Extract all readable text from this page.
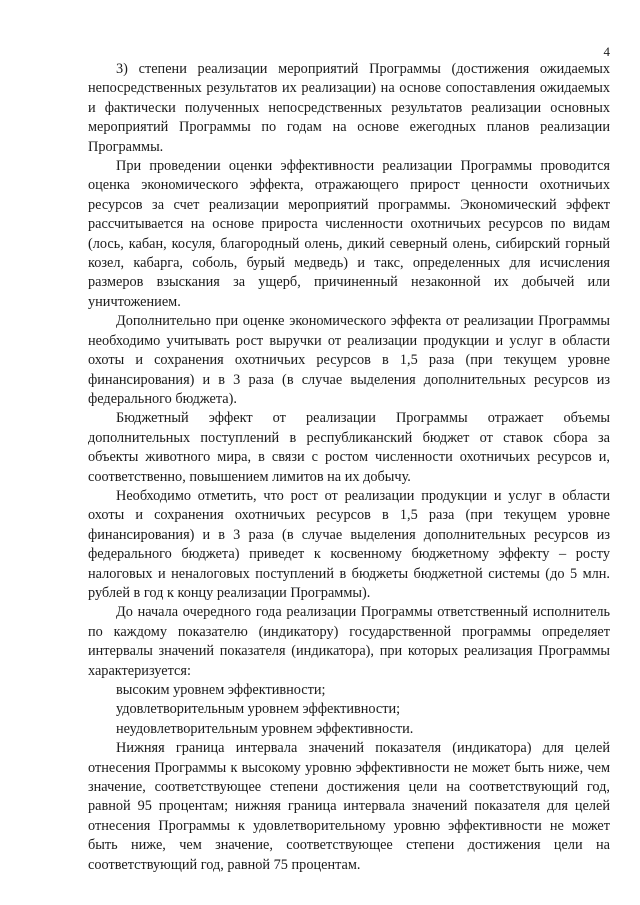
4

3) степени реализации мероприятий Программы (достижения ожидаемых непосредственных результатов их реализации) на основе сопоставления ожидаемых и фактически полученных непосредственных результатов реализации основных мероприятий Программы по годам на основе ежегодных планов реализации Программы.

При проведении оценки эффективности реализации Программы проводится оценка экономического эффекта, отражающего прирост ценности охотничьих ресурсов за счет реализации мероприятий программы. Экономический эффект рассчитывается на основе прироста численности охотничьих ресурсов по видам (лось, кабан, косуля, благородный олень, дикий северный олень, сибирский горный козел, кабарга, соболь, бурый медведь) и такс, определенных для исчисления размеров взыскания за ущерб, причиненный незаконной их добычей или уничтожением.

Дополнительно при оценке экономического эффекта от реализации Программы необходимо учитывать рост выручки от реализации продукции и услуг в области охоты и сохранения охотничьих ресурсов в 1,5 раза (при текущем уровне финансирования) и в 3 раза (в случае выделения дополнительных ресурсов из федерального бюджета).

Бюджетный эффект от реализации Программы отражает объемы дополнительных поступлений в республиканский бюджет от ставок сбора за объекты животного мира, в связи с ростом численности охотничьих ресурсов и, соответственно, повышением лимитов на их добычу.

Необходимо отметить, что рост от реализации продукции и услуг в области охоты и сохранения охотничьих ресурсов в 1,5 раза (при текущем уровне финансирования) и в 3 раза (в случае выделения дополнительных ресурсов из федерального бюджета) приведет к косвенному бюджетному эффекту – росту налоговых и неналоговых поступлений в бюджеты бюджетной системы (до 5 млн. рублей в год к концу реализации Программы).

До начала очередного года реализации Программы ответственный исполнитель по каждому показателю (индикатору) государственной программы определяет интервалы значений показателя (индикатора), при которых реализация Программы характеризуется:

высоким уровнем эффективности;

удовлетворительным уровнем эффективности;

неудовлетворительным уровнем эффективности.

Нижняя граница интервала значений показателя (индикатора) для целей отнесения Программы к высокому уровню эффективности не может быть ниже, чем значение, соответствующее степени достижения цели на соответствующий год, равной 95 процентам; нижняя граница интервала значений показателя для целей отнесения Программы к удовлетворительному уровню эффективности не может быть ниже, чем значение, соответствующее степени достижения цели на соответствующий год, равной 75 процентам.
